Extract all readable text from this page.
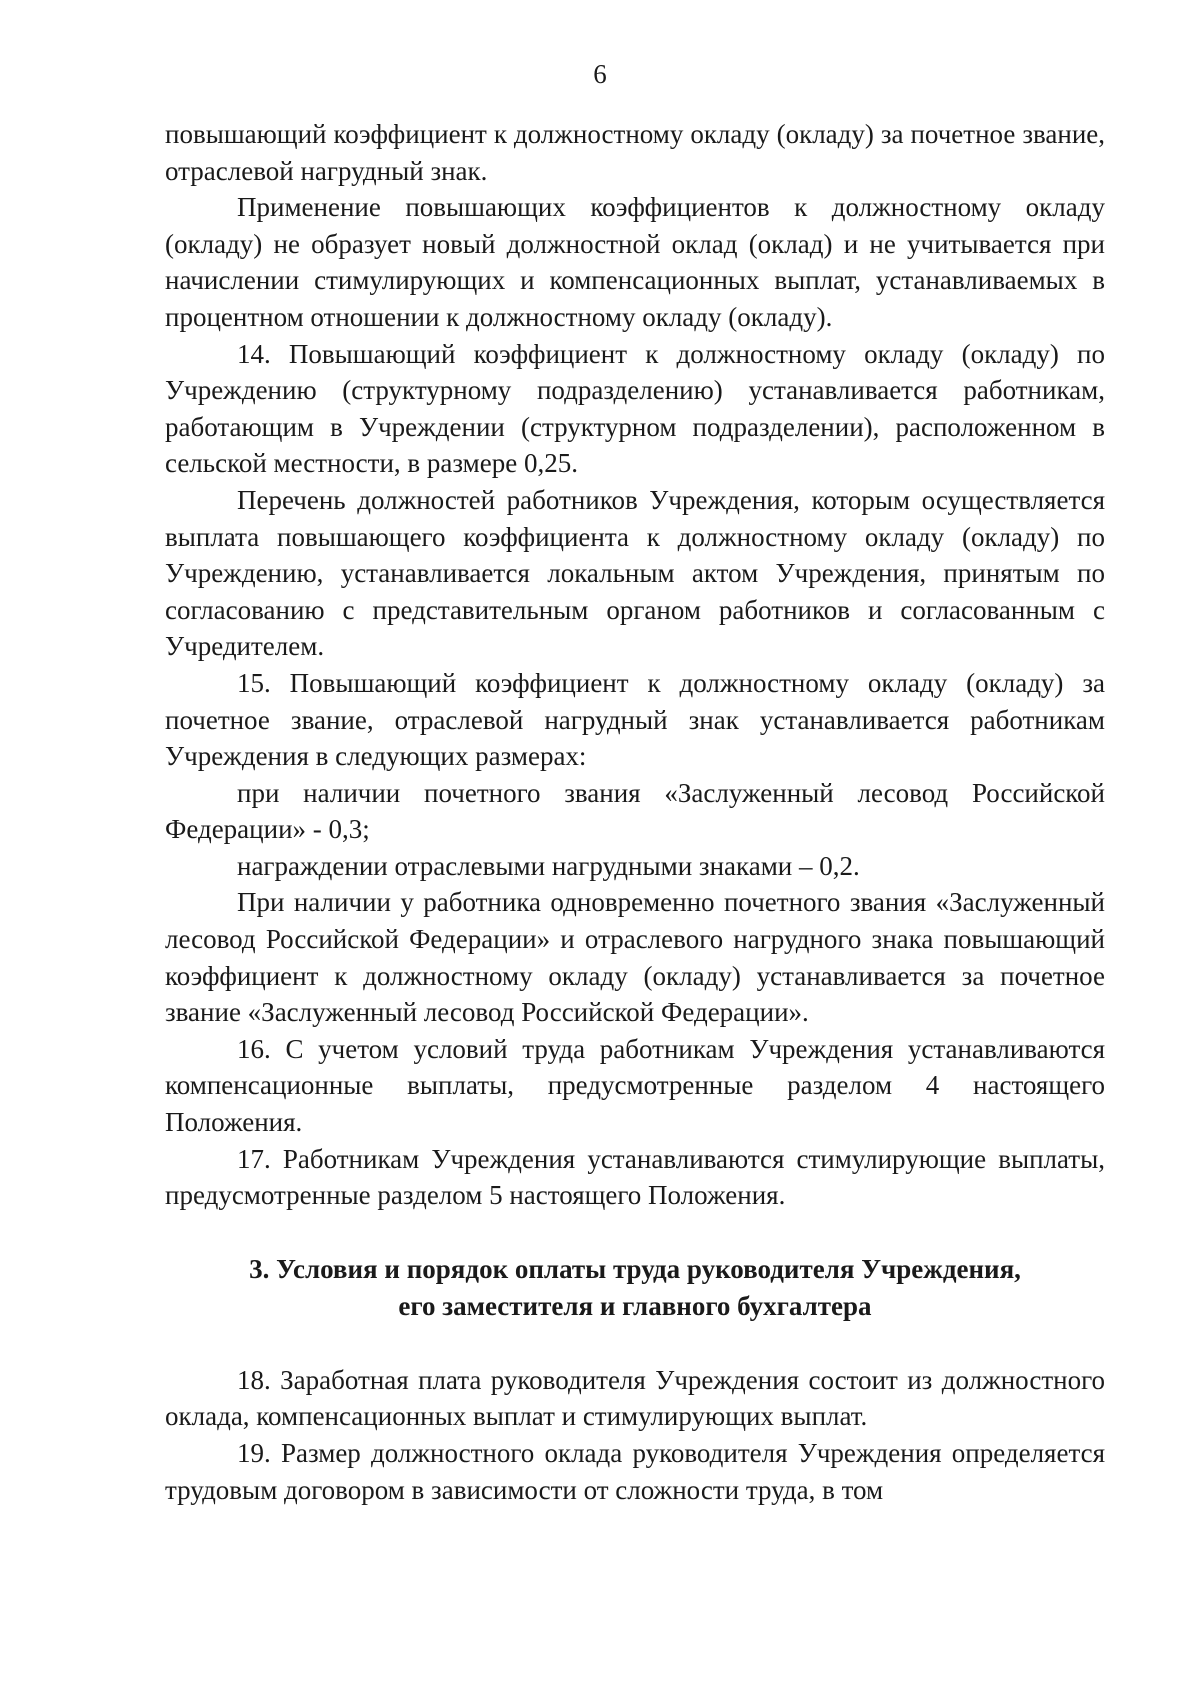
6

повышающий коэффициент к должностному окладу (окладу) за почетное звание, отраслевой нагрудный знак.

Применение повышающих коэффициентов к должностному окладу (окладу) не образует новый должностной оклад (оклад) и не учитывается при начислении стимулирующих и компенсационных выплат, устанавливаемых в процентном отношении к должностному окладу (окладу).

14. Повышающий коэффициент к должностному окладу (окладу) по Учреждению (структурному подразделению) устанавливается работникам, работающим в Учреждении (структурном подразделении), расположенном в сельской местности, в размере 0,25.

Перечень должностей работников Учреждения, которым осуществляется выплата повышающего коэффициента к должностному окладу (окладу) по Учреждению, устанавливается локальным актом Учреждения, принятым по согласованию с представительным органом работников и согласованным с Учредителем.

15. Повышающий коэффициент к должностному окладу (окладу) за почетное звание, отраслевой нагрудный знак устанавливается работникам Учреждения в следующих размерах:

при наличии почетного звания «Заслуженный лесовод Российской Федерации» - 0,3;

награждении отраслевыми нагрудными знаками – 0,2.

При наличии у работника одновременно почетного звания «Заслуженный лесовод Российской Федерации» и отраслевого нагрудного знака повышающий коэффициент к должностному окладу (окладу) устанавливается за почетное звание «Заслуженный лесовод Российской Федерации».

16. С учетом условий труда работникам Учреждения устанавливаются компенсационные выплаты, предусмотренные разделом 4 настоящего Положения.

17. Работникам Учреждения устанавливаются стимулирующие выплаты, предусмотренные разделом 5 настоящего Положения.

3. Условия и порядок оплаты труда руководителя Учреждения,
его заместителя и главного бухгалтера

18. Заработная плата руководителя Учреждения состоит из должностного оклада, компенсационных выплат и стимулирующих выплат.

19. Размер должностного оклада руководителя Учреждения определяется трудовым договором в зависимости от сложности труда, в том
